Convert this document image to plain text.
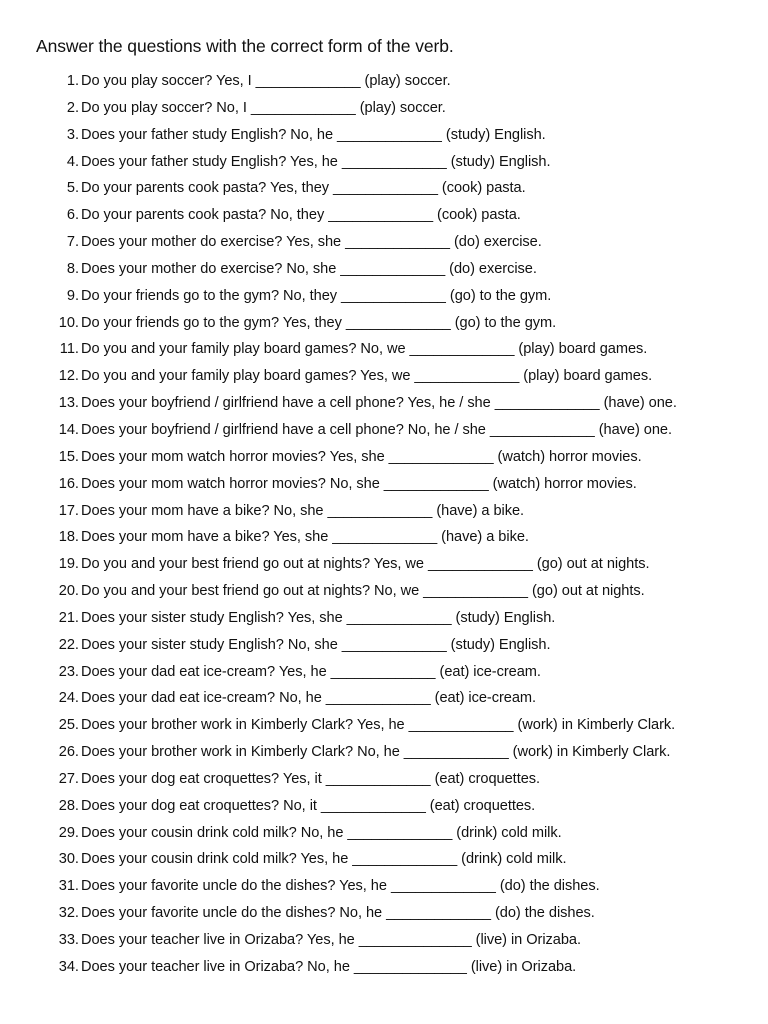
Answer the questions with the correct form of the verb.
1. Do you play soccer? Yes, I _____________ (play) soccer.
2. Do you play soccer? No, I _____________ (play) soccer.
3. Does your father study English? No, he _____________ (study) English.
4. Does your father study English? Yes, he _____________ (study) English.
5. Do your parents cook pasta? Yes, they _____________ (cook) pasta.
6. Do your parents cook pasta? No, they _____________ (cook) pasta.
7. Does your mother do exercise? Yes, she _____________ (do) exercise.
8. Does your mother do exercise? No, she _____________ (do) exercise.
9. Do your friends go to the gym? No, they _____________ (go) to the gym.
10. Do your friends go to the gym? Yes, they _____________ (go) to the gym.
11. Do you and your family play board games? No, we _____________ (play) board games.
12. Do you and your family play board games? Yes, we _____________ (play) board games.
13. Does your boyfriend / girlfriend have a cell phone? Yes, he / she _____________ (have) one.
14. Does your boyfriend / girlfriend have a cell phone? No, he / she _____________ (have) one.
15. Does your mom watch horror movies? Yes, she _____________ (watch) horror movies.
16. Does your mom watch horror movies? No, she _____________ (watch) horror movies.
17. Does your mom have a bike? No, she _____________ (have) a bike.
18. Does your mom have a bike? Yes, she _____________ (have) a bike.
19. Do you and your best friend go out at nights? Yes, we _____________ (go) out at nights.
20. Do you and your best friend go out at nights? No, we _____________ (go) out at nights.
21. Does your sister study English? Yes, she _____________ (study) English.
22. Does your sister study English? No, she _____________ (study) English.
23. Does your dad eat ice-cream? Yes, he _____________ (eat) ice-cream.
24. Does your dad eat ice-cream? No, he _____________ (eat) ice-cream.
25. Does your brother work in Kimberly Clark? Yes, he _____________ (work) in Kimberly Clark.
26. Does your brother work in Kimberly Clark? No, he _____________ (work) in Kimberly Clark.
27. Does your dog eat croquettes? Yes, it _____________ (eat) croquettes.
28. Does your dog eat croquettes? No, it _____________ (eat) croquettes.
29. Does your cousin drink cold milk? No, he _____________ (drink) cold milk.
30. Does your cousin drink cold milk? Yes, he _____________ (drink) cold milk.
31. Does your favorite uncle do the dishes? Yes, he _____________ (do) the dishes.
32. Does your favorite uncle do the dishes? No, he _____________ (do) the dishes.
33. Does your teacher live in Orizaba? Yes, he ______________ (live) in Orizaba.
34. Does your teacher live in Orizaba? No, he ______________ (live) in Orizaba.
